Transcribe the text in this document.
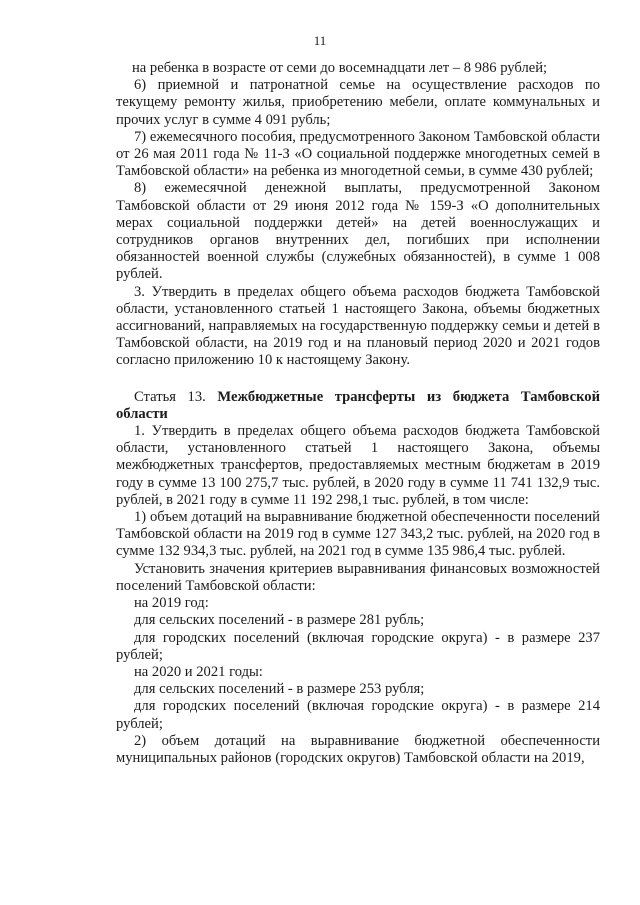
11

на ребенка в возрасте от семи до восемнадцати лет – 8 986 рублей;

6) приемной и патронатной семье на осуществление расходов по текущему ремонту жилья, приобретению мебели, оплате коммунальных и прочих услуг в сумме 4 091 рубль;

7) ежемесячного пособия, предусмотренного Законом Тамбовской области от 26 мая 2011 года № 11-З «О социальной поддержке многодетных семей в Тамбовской области» на ребенка из многодетной семьи, в сумме 430 рублей;

8) ежемесячной денежной выплаты, предусмотренной Законом Тамбовской области от 29 июня 2012 года № 159-З «О дополнительных мерах социальной поддержки детей» на детей военнослужащих и сотрудников органов внутренних дел, погибших при исполнении обязанностей военной службы (служебных обязанностей), в сумме 1 008 рублей.

3. Утвердить в пределах общего объема расходов бюджета Тамбовской области, установленного статьей 1 настоящего Закона, объемы бюджетных ассигнований, направляемых на государственную поддержку семьи и детей в Тамбовской области, на 2019 год и на плановый период 2020 и 2021 годов согласно приложению 10 к настоящему Закону.

Статья 13. Межбюджетные трансферты из бюджета Тамбовской области

1. Утвердить в пределах общего объема расходов бюджета Тамбовской области, установленного статьей 1 настоящего Закона, объемы межбюджетных трансфертов, предоставляемых местным бюджетам в 2019 году в сумме 13 100 275,7 тыс. рублей, в 2020 году в сумме 11 741 132,9 тыс. рублей, в 2021 году в сумме 11 192 298,1 тыс. рублей, в том числе:

1) объем дотаций на выравнивание бюджетной обеспеченности поселений Тамбовской области на 2019 год в сумме 127 343,2 тыс. рублей, на 2020 год в сумме 132 934,3 тыс. рублей, на 2021 год в сумме 135 986,4 тыс. рублей.

Установить значения критериев выравнивания финансовых возможностей поселений Тамбовской области:

на 2019 год:

для сельских поселений - в размере 281 рубль;

для городских поселений (включая городские округа) - в размере 237 рублей;

на 2020 и 2021 годы:

для сельских поселений - в размере 253 рубля;

для городских поселений (включая городские округа) - в размере 214 рублей;

2) объем дотаций на выравнивание бюджетной обеспеченности муниципальных районов (городских округов) Тамбовской области на 2019,
